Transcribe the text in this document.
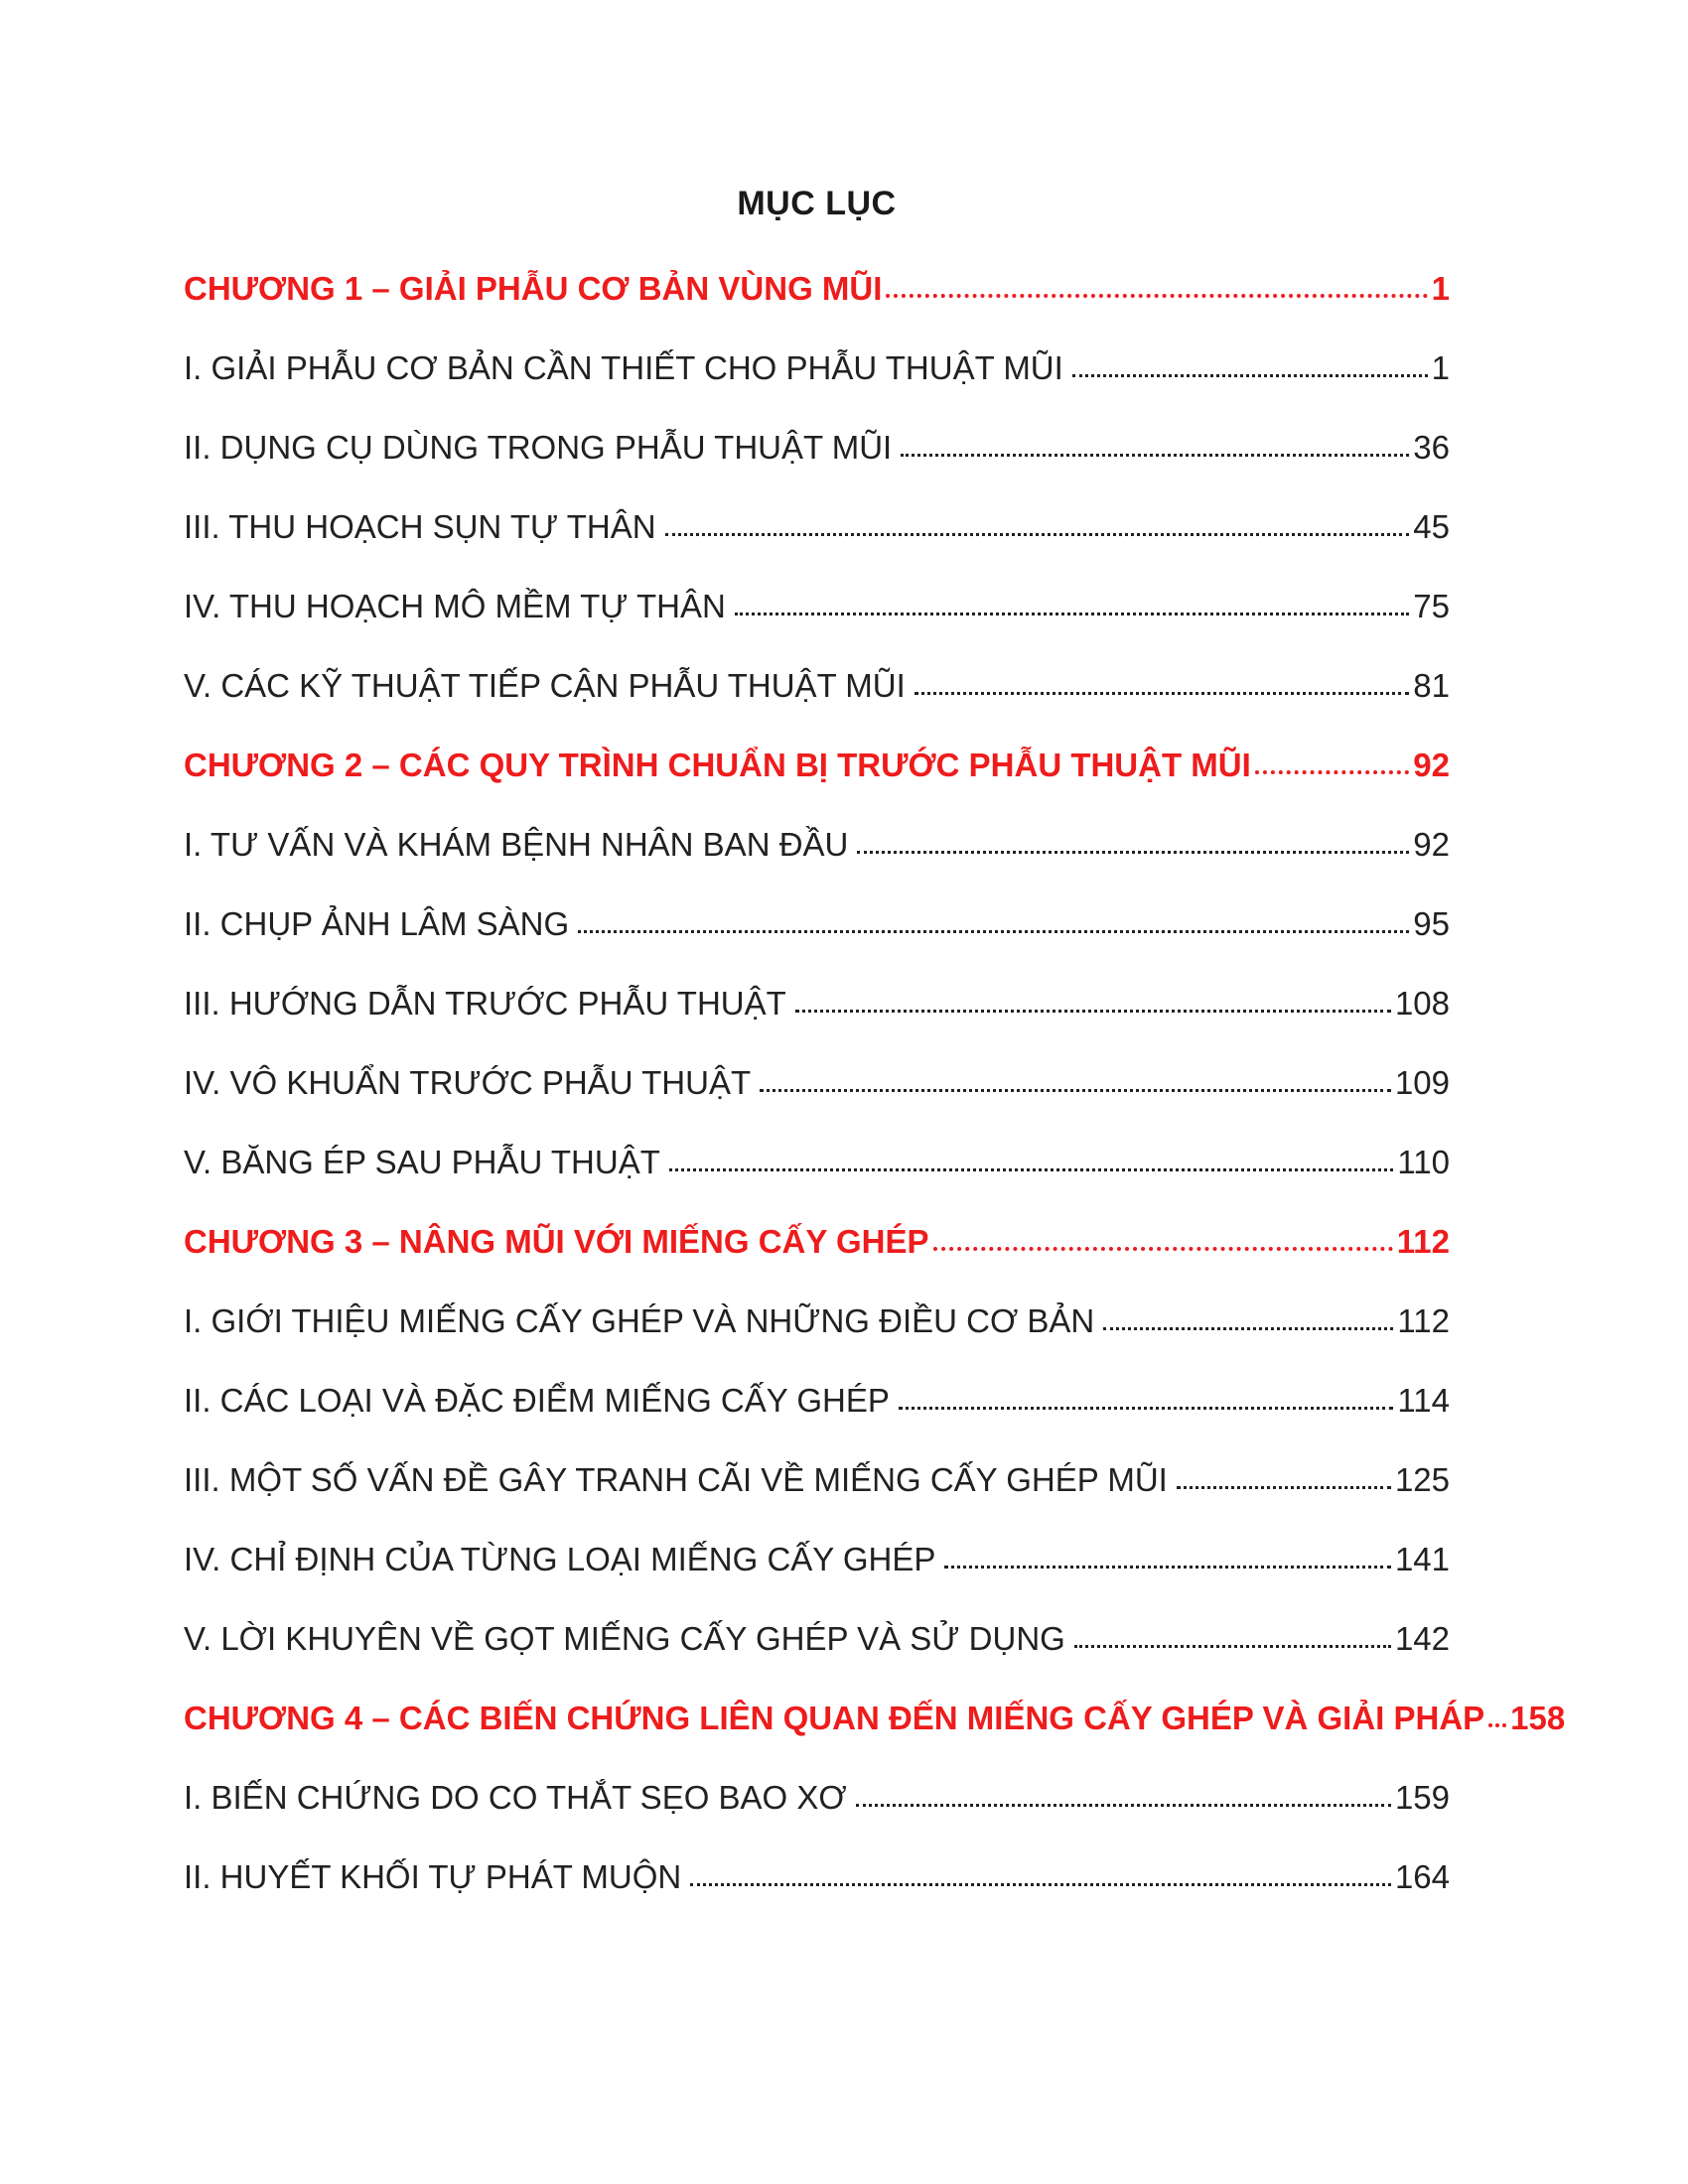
MỤC LỤC
CHƯƠNG 1 – GIẢI PHẪU CƠ BẢN VÙNG MŨI	1
I. GIẢI PHẪU CƠ BẢN CẦN THIẾT CHO PHẪU THUẬT MŨI	1
II. DỤNG CỤ DÙNG TRONG PHẪU THUẬT MŨI	36
III. THU HOẠCH SỤN TỰ THÂN	45
IV. THU HOẠCH MÔ MỀM TỰ THÂN	75
V. CÁC KỸ THUẬT TIẾP CẬN PHẪU THUẬT MŨI	81
CHƯƠNG 2 – CÁC QUY TRÌNH CHUẨN BỊ TRƯỚC PHẪU THUẬT MŨI	92
I. TƯ VẤN VÀ KHÁM BỆNH NHÂN BAN ĐẦU	92
II. CHỤP ẢNH LÂM SÀNG	95
III. HƯỚNG DẪN TRƯỚC PHẪU THUẬT	108
IV. VÔ KHUẨN TRƯỚC PHẪU THUẬT	109
V. BĂNG ÉP SAU PHẪU THUẬT	110
CHƯƠNG 3 – NÂNG MŨI VỚI MIẾNG CẤY GHÉP	112
I. GIỚI THIỆU MIẾNG CẤY GHÉP VÀ NHỮNG ĐIỀU CƠ BẢN	112
II. CÁC LOẠI VÀ ĐẶC ĐIỂM MIẾNG CẤY GHÉP	114
III. MỘT SỐ VẤN ĐỀ GÂY TRANH CÃI VỀ MIẾNG CẤY GHÉP MŨI	125
IV. CHỈ ĐỊNH CỦA TỪNG LOẠI MIẾNG CẤY GHÉP	141
V. LỜI KHUYÊN VỀ GỌT MIẾNG CẤY GHÉP VÀ SỬ DỤNG	142
CHƯƠNG 4 – CÁC BIẾN CHỨNG LIÊN QUAN ĐẾN MIẾNG CẤY GHÉP VÀ GIẢI PHÁP 158
I. BIẾN CHỨNG DO CO THẮT SẸO BAO XƠ	159
II. HUYẾT KHỐI TỰ PHÁT MUỘN	164
